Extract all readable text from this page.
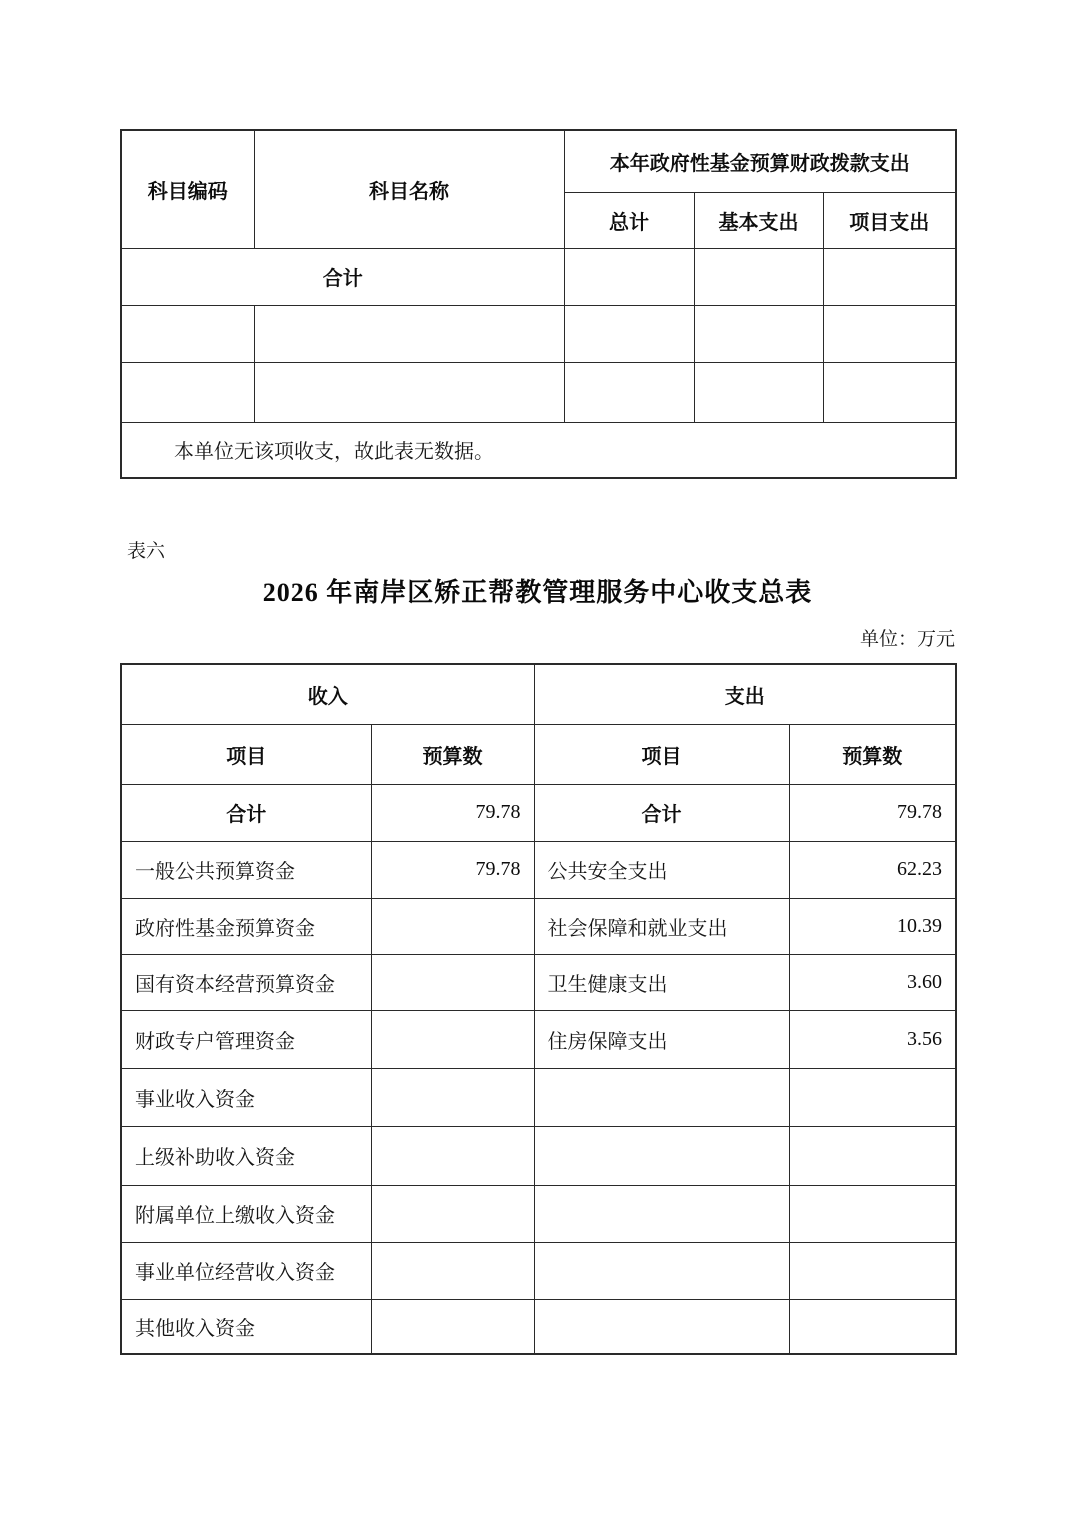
科目编码	科目名称	本年政府性基金预算财政拨款支出		
		总计	基本支出	项目支出
合计				

本单位无该项收支，故此表无数据。				
表六
2026 年南岸区矫正帮教管理服务中心收支总表
单位：万元
收入		支出	
项目	预算数	项目	预算数
合计	79.78	合计	79.78
一般公共预算资金	79.78	公共安全支出	62.23
政府性基金预算资金		社会保障和就业支出	10.39
国有资本经营预算资金		卫生健康支出	3.60
财政专户管理资金		住房保障支出	3.56
事业收入资金			
上级补助收入资金			
附属单位上缴收入资金			
事业单位经营收入资金			
其他收入资金			
